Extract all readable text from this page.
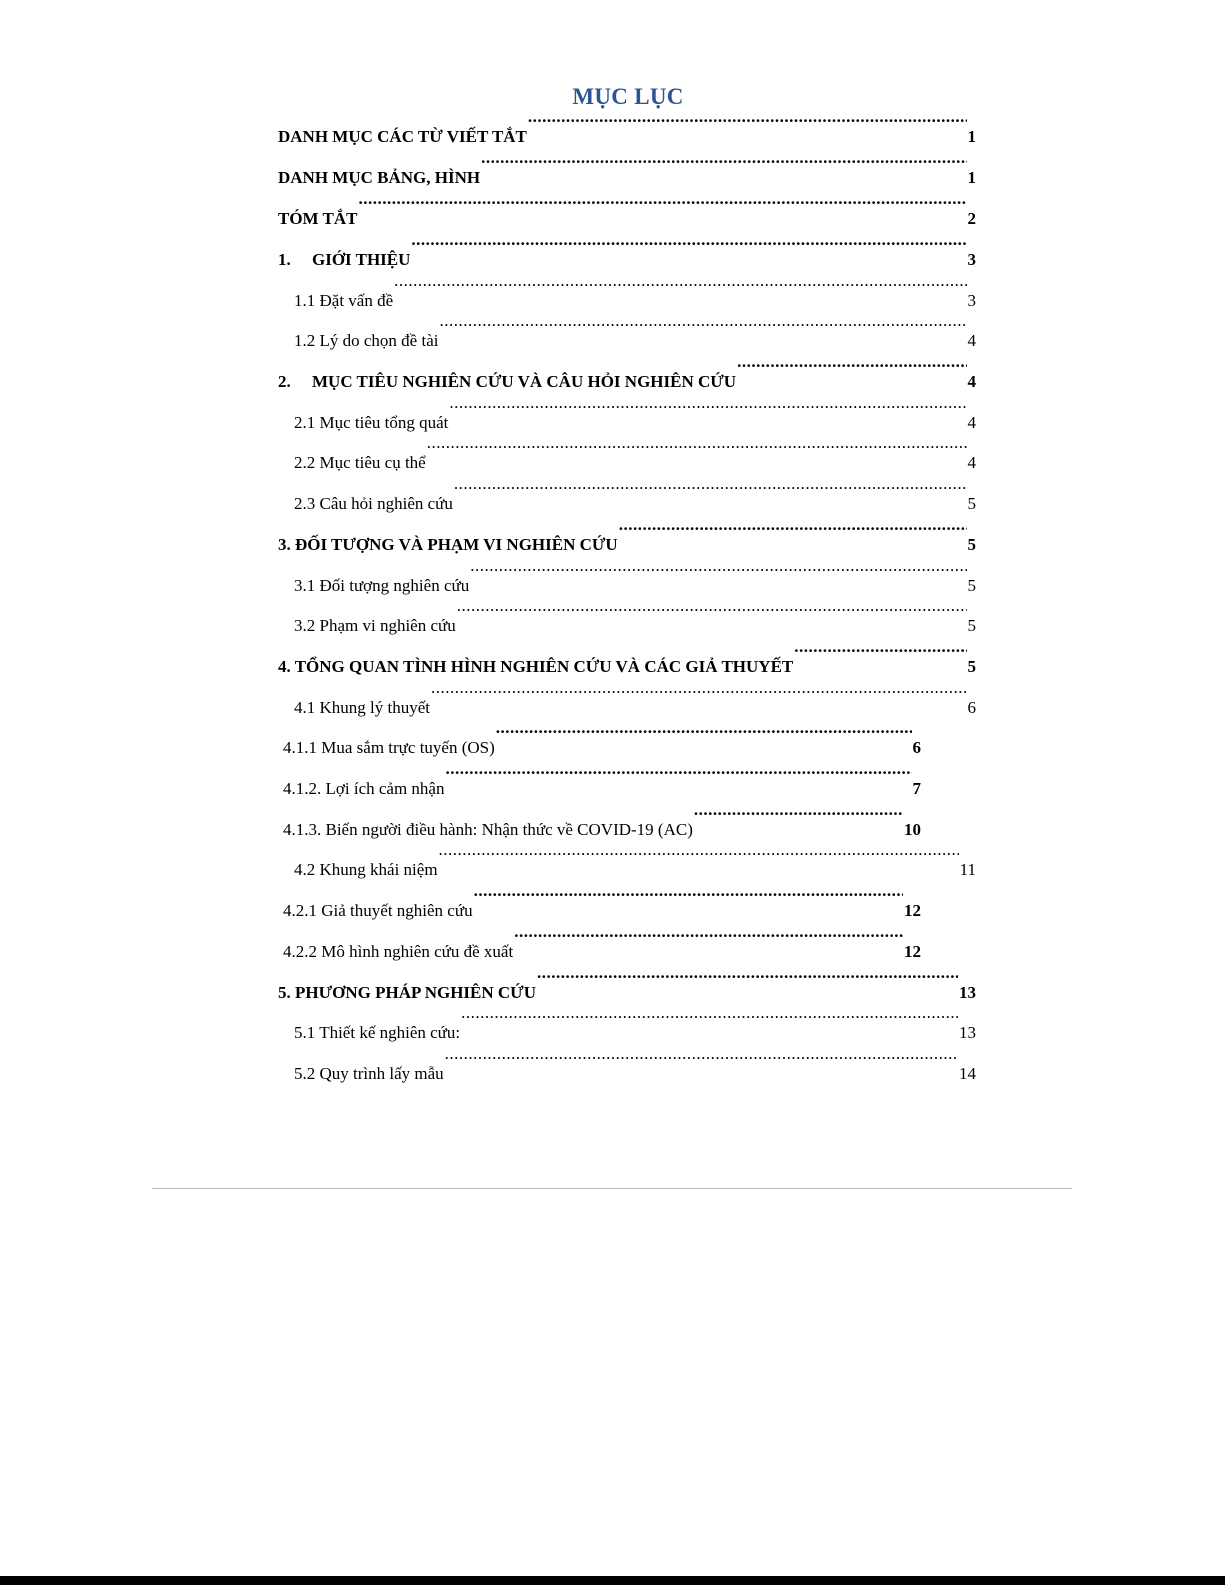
MỤC LỤC
DANH MỤC CÁC TỪ VIẾT TẮT .....	1
DANH MỤC BẢNG, HÌNH .....	1
TÓM TẮT .....	2
1.	GIỚI THIỆU .....	3
1.1 Đặt vấn đề .....	3
1.2 Lý do chọn đề tài .....	4
2.	MỤC TIÊU NGHIÊN CỨU VÀ CÂU HỎI NGHIÊN CỨU .....	4
2.1 Mục tiêu tổng quát .....	4
2.2 Mục tiêu cụ thể .....	4
2.3 Câu hỏi nghiên cứu .....	5
3. ĐỐI TƯỢNG VÀ PHẠM VI NGHIÊN CỨU .....	5
3.1 Đối tượng nghiên cứu .....	5
3.2 Phạm vi nghiên cứu .....	5
4. TỔNG QUAN TÌNH HÌNH NGHIÊN CỨU VÀ CÁC GIẢ THUYẾT .....	5
4.1 Khung lý thuyết .....	6
4.1.1 Mua sắm trực tuyến (OS) .....	6
4.1.2. Lợi ích cảm nhận .....	7
4.1.3. Biến người điều hành: Nhận thức về COVID-19 (AC) .....	10
4.2 Khung khái niệm .....	11
4.2.1 Giả thuyết nghiên cứu .....	12
4.2.2 Mô hình nghiên cứu đề xuất .....	12
5. PHƯƠNG PHÁP NGHIÊN CỨU .....	13
5.1 Thiết kế nghiên cứu: .....	13
5.2 Quy trình lấy mẫu .....	14
